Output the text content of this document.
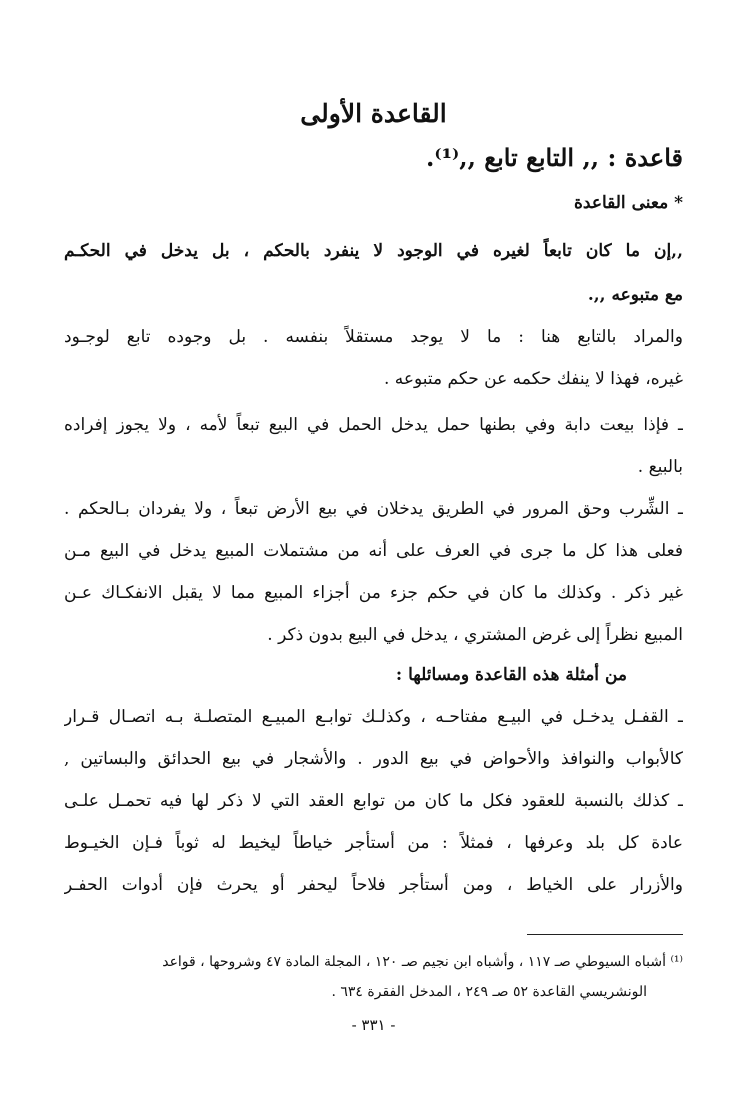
القاعدة الأولى
قاعدة : ,, التابع تابع ,,⁽¹⁾.
* معنى القاعدة
,,إن ما كان تابعاً لغيره في الوجود لا ينفرد بالحكم ، بل يدخل في الحكـم
مع متبوعه ,,.
والمراد بالتابع هنا : ما لا يوجد مستقلاً بنفسه . بل وجوده تابع لوجـود
غيره، فهذا لا ينفك حكمه عن حكم متبوعه .
ـ فإذا بيعت دابة وفي بطنها حمل يدخل الحمل في البيع تبعاً لأمه ، ولا يجوز إفراده
بالبيع .
ـ الشِّرب وحق المرور في الطريق يدخلان في بيع الأرض تبعاً ، ولا يفردان بـالحكم .
فعلى هذا كل ما جرى في العرف على أنه من مشتملات المبيع يدخل في البيع مـن
غير ذكر . وكذلك ما كان في حكم جزء من أجزاء المبيع مما لا يقبل الانفكـاك عـن
المبيع نظراً إلى غرض المشتري ، يدخل في البيع بدون ذكر .
من أمثلة هذه القاعدة ومسائلها :
ـ القفـل يدخـل في البيـع مفتاحـه ، وكذلـك توابـع المبيـع المتصلـة بـه اتصـال قـرار
كالأبواب والنوافذ والأحواض في بيع الدور . والأشجار في بيع الحدائق والبساتين ,
ـ كذلك بالنسبة للعقود فكل ما كان من توابع العقد التي لا ذكر لها فيه تحمـل علـى
عادة كل بلد وعرفها ، فمثلاً : من أستأجر خياطاً ليخيط له ثوباً فـإن الخيـوط
والأزرار على الخياط ، ومن أستأجر فلاحاً ليحفر أو يحرث فإن أدوات الحفـر
⁽¹⁾ أشباه السيوطي صـ ١١٧ ، وأشباه ابن نجيم صـ ١٢٠ ، المجلة المادة ٤٧ وشروحها ، قواعد
الونشريسي القاعدة ٥٢ صـ ٢٤٩ ، المدخل الفقرة ٦٣٤ .
- ٣٣١ -
